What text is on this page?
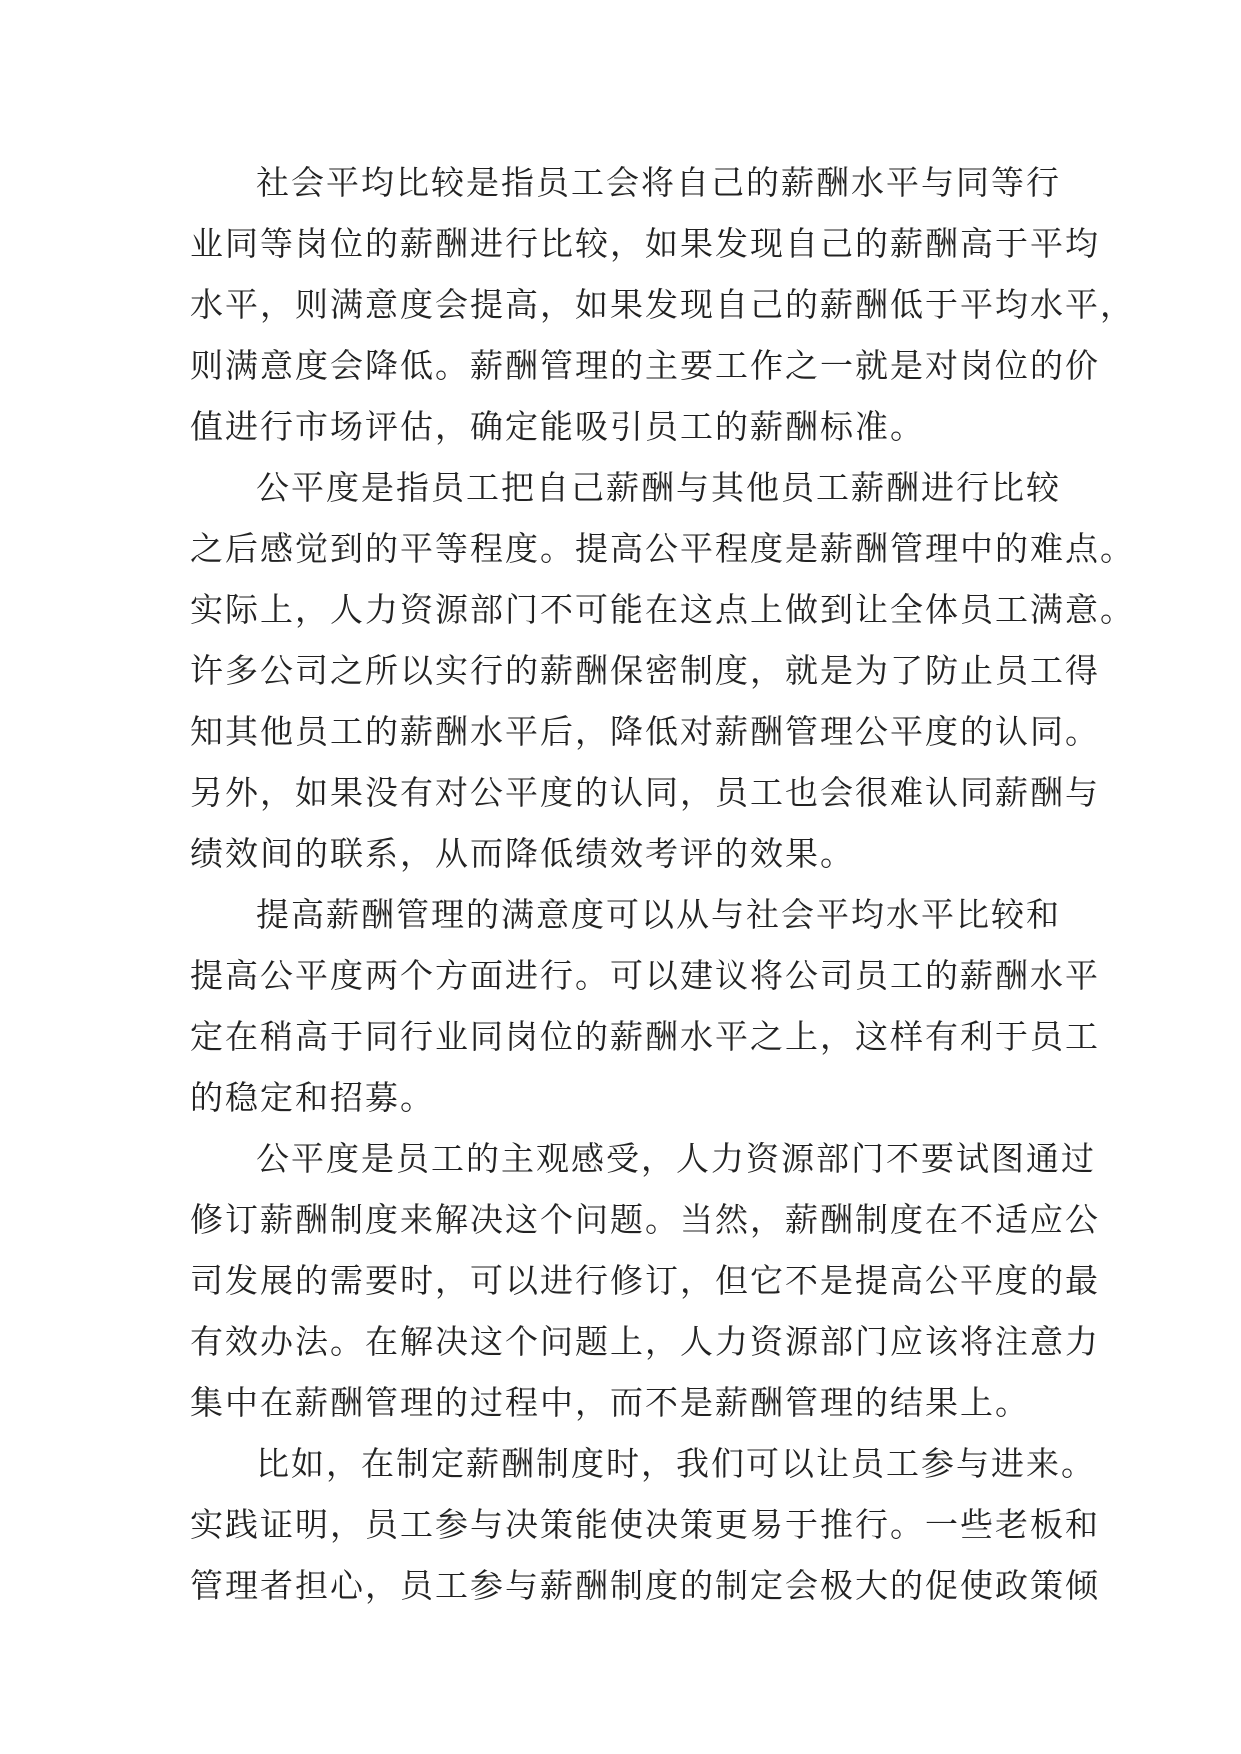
社会平均比较是指员工会将自己的薪酬水平与同等行
业同等岗位的薪酬进行比较，如果发现自己的薪酬高于平均
水平，则满意度会提高，如果发现自己的薪酬低于平均水平，
则满意度会降低。薪酬管理的主要工作之一就是对岗位的价
值进行市场评估，确定能吸引员工的薪酬标准。

公平度是指员工把自己薪酬与其他员工薪酬进行比较
之后感觉到的平等程度。提高公平程度是薪酬管理中的难点。
实际上，人力资源部门不可能在这点上做到让全体员工满意。
许多公司之所以实行的薪酬保密制度，就是为了防止员工得
知其他员工的薪酬水平后，降低对薪酬管理公平度的认同。
另外，如果没有对公平度的认同，员工也会很难认同薪酬与
绩效间的联系，从而降低绩效考评的效果。

提高薪酬管理的满意度可以从与社会平均水平比较和
提高公平度两个方面进行。可以建议将公司员工的薪酬水平
定在稍高于同行业同岗位的薪酬水平之上，这样有利于员工
的稳定和招募。

公平度是员工的主观感受，人力资源部门不要试图通过
修订薪酬制度来解决这个问题。当然，薪酬制度在不适应公
司发展的需要时，可以进行修订，但它不是提高公平度的最
有效办法。在解决这个问题上，人力资源部门应该将注意力
集中在薪酬管理的过程中，而不是薪酬管理的结果上。

比如，在制定薪酬制度时，我们可以让员工参与进来。
实践证明，员工参与决策能使决策更易于推行。一些老板和
管理者担心，员工参与薪酬制度的制定会极大的促使政策倾
